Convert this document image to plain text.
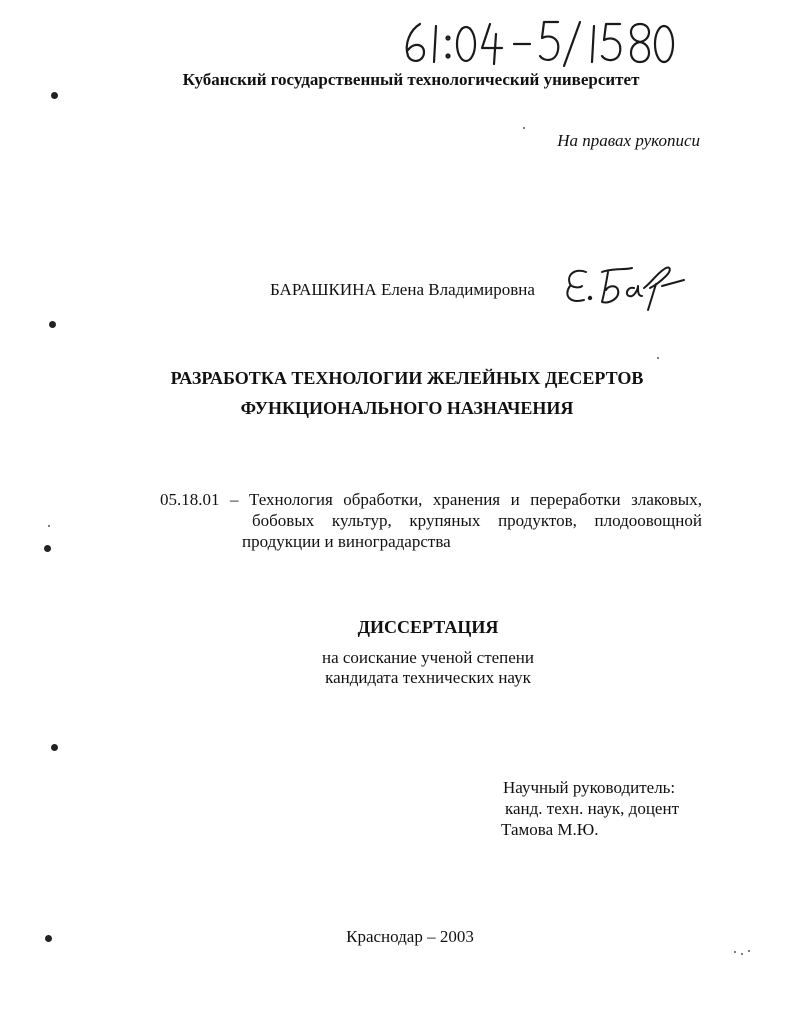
Кубанский государственный технологический университет
На правах рукописи
БАРАШКИНА Елена Владимировна
РАЗРАБОТКА ТЕХНОЛОГИИ ЖЕЛЕЙНЫХ ДЕСЕРТОВ
ФУНКЦИОНАЛЬНОГО НАЗНАЧЕНИЯ
05.18.01 – Технология обработки, хранения и переработки злаковых,
бобовых культур, крупяных продуктов, плодоовощной
продукции и виноградарства
ДИССЕРТАЦИЯ
на соискание ученой степени
кандидата технических наук
Научный руководитель:
канд. техн. наук, доцент
Тамова М.Ю.
Краснодар – 2003
